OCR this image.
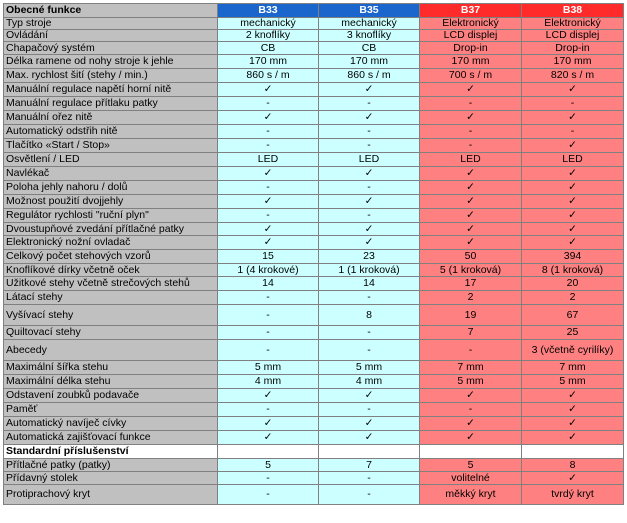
Obecné funkce	B33	B35	B37	B38
Typ stroje	mechanický	mechanický	Elektronický	Elektronický
Ovládání	2 knoflíky	3 knoflíky	LCD displej	LCD displej
Chapačový systém	CB	CB	Drop-in	Drop-in
Délka ramene od nohy stroje k jehle	170 mm	170 mm	170 mm	170 mm
Max. rychlost šití (stehy / min.)	860 s / m	860 s / m	700 s / m	820 s / m
Manuální regulace napětí horní nitě	✓	✓	✓	✓
Manuální regulace přítlaku patky	-	-	-	-
Manuální ořez nitě	✓	✓	✓	✓
Automatický odstřih nitě	-	-	-	-
Tlačítko «Start / Stop»	-	-	-	✓
Osvětlení / LED	LED	LED	LED	LED
Navlékač	✓	✓	✓	✓
Poloha jehly nahoru / dolů	-	-	✓	✓
Možnost použití dvojjehly	✓	✓	✓	✓
Regulátor rychlosti "ruční plyn"	-	-	✓	✓
Dvoustupňové zvedání přítlačné patky	✓	✓	✓	✓
Elektronický nožní ovladač	✓	✓	✓	✓
Celkový počet stehových vzorů	15	23	50	394
Knoflíkové dírky včetně oček	1 (4 krokové)	1 (1 kroková)	5 (1 kroková)	8 (1 kroková)
Užitkové stehy včetně strečových stehů	14	14	17	20
Látací stehy	-	-	2	2
Vyšívací stehy	-	8	19	67
Quiltovací stehy	-	-	7	25
Abecedy	-	-	-	3 (včetně cyrilíky)
Maximální šířka stehu	5 mm	5 mm	7 mm	7 mm
Maximální délka stehu	4 mm	4 mm	5 mm	5 mm
Odstavení zoubků podavače	✓	✓	✓	✓
Paměť	-	-	-	✓
Automatický navíječ cívky	✓	✓	✓	✓
Automatická zajišťovací funkce	✓	✓	✓	✓
Standardní příslušenství				
Přítlačné patky (patky)	5	7	5	8
Přídavný stolek	-	-	volitelné	✓
Protiprachový kryt	-	-	měkký kryt	tvrdý kryt
